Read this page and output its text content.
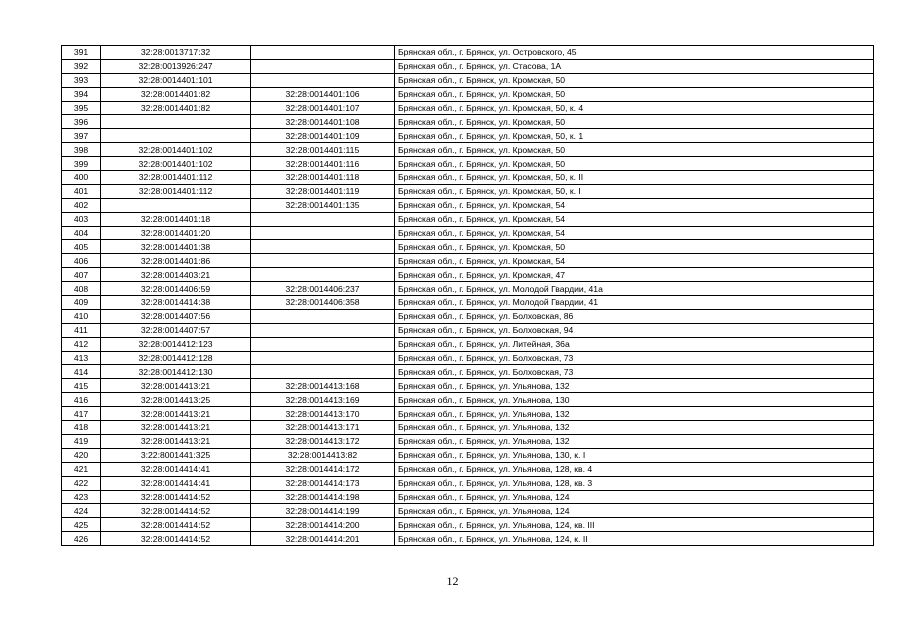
391	32:28:0013717:32		Брянская обл., г. Брянск, ул. Островского, 45
392	32:28:0013926:247		Брянская обл., г. Брянск, ул. Стасова, 1А
393	32:28:0014401:101		Брянская обл., г. Брянск, ул. Кромская, 50
394	32:28:0014401:82	32:28:0014401:106	Брянская обл., г. Брянск, ул. Кромская, 50
395	32:28:0014401:82	32:28:0014401:107	Брянская обл., г. Брянск, ул. Кромская, 50, к. 4
396		32:28:0014401:108	Брянская обл., г. Брянск, ул. Кромская, 50
397		32:28:0014401:109	Брянская обл., г. Брянск, ул. Кромская, 50, к. 1
398	32:28:0014401:102	32:28:0014401:115	Брянская обл., г. Брянск, ул. Кромская, 50
399	32:28:0014401:102	32:28:0014401:116	Брянская обл., г. Брянск, ул. Кромская, 50
400	32:28:0014401:112	32:28:0014401:118	Брянская обл., г. Брянск, ул. Кромская, 50, к. II
401	32:28:0014401:112	32:28:0014401:119	Брянская обл., г. Брянск, ул. Кромская, 50, к. I
402		32:28:0014401:135	Брянская обл., г. Брянск, ул. Кромская, 54
403	32:28:0014401:18		Брянская обл., г. Брянск, ул. Кромская, 54
404	32:28:0014401:20		Брянская обл., г. Брянск, ул. Кромская, 54
405	32:28:0014401:38		Брянская обл., г. Брянск, ул. Кромская, 50
406	32:28:0014401:86		Брянская обл., г. Брянск, ул. Кромская, 54
407	32:28:0014403:21		Брянская обл., г. Брянск, ул. Кромская, 47
408	32:28:0014406:59	32:28:0014406:237	Брянская обл., г. Брянск, ул. Молодой Гвардии, 41а
409	32:28:0014414:38	32:28:0014406:358	Брянская обл., г. Брянск, ул. Молодой Гвардии, 41
410	32:28:0014407:56		Брянская обл., г. Брянск, ул. Болховская, 86
411	32:28:0014407:57		Брянская обл., г. Брянск, ул. Болховская, 94
412	32:28:0014412:123		Брянская обл., г. Брянск, ул. Литейная, 36а
413	32:28:0014412:128		Брянская обл., г. Брянск, ул. Болховская, 73
414	32:28:0014412:130		Брянская обл., г. Брянск, ул. Болховская, 73
415	32:28:0014413:21	32:28:0014413:168	Брянская обл., г. Брянск, ул. Ульянова, 132
416	32:28:0014413:25	32:28:0014413:169	Брянская обл., г. Брянск, ул. Ульянова, 130
417	32:28:0014413:21	32:28:0014413:170	Брянская обл., г. Брянск, ул. Ульянова, 132
418	32:28:0014413:21	32:28:0014413:171	Брянская обл., г. Брянск, ул. Ульянова, 132
419	32:28:0014413:21	32:28:0014413:172	Брянская обл., г. Брянск, ул. Ульянова, 132
420	3:22:8001441:325	32:28:0014413:82	Брянская обл., г. Брянск, ул. Ульянова, 130, к. I
421	32:28:0014414:41	32:28:0014414:172	Брянская обл., г. Брянск, ул. Ульянова, 128, кв. 4
422	32:28:0014414:41	32:28:0014414:173	Брянская обл., г. Брянск, ул. Ульянова, 128, кв. 3
423	32:28:0014414:52	32:28:0014414:198	Брянская обл., г. Брянск, ул. Ульянова, 124
424	32:28:0014414:52	32:28:0014414:199	Брянская обл., г. Брянск, ул. Ульянова, 124
425	32:28:0014414:52	32:28:0014414:200	Брянская обл., г. Брянск, ул. Ульянова, 124, кв. III
426	32:28:0014414:52	32:28:0014414:201	Брянская обл., г. Брянск, ул. Ульянова, 124, к. II
12
